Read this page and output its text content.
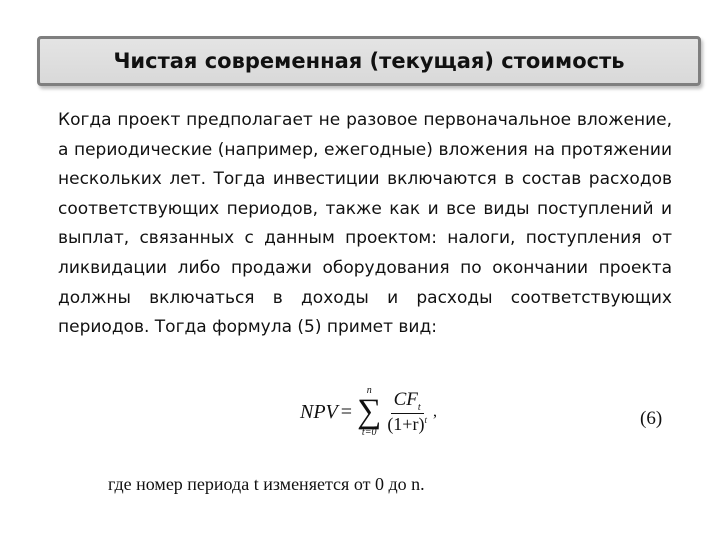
Чистая современная (текущая) стоимость

Когда проект предполагает не разовое первоначальное вложение, а периодические (например, ежегодные) вложения на протяжении нескольких лет. Тогда инвестиции включаются в состав расходов соответствующих периодов, также как и все виды поступлений и выплат, связанных с данным проектом: налоги, поступления от ликвидации либо продажи оборудования по окончании проекта должны включаться в доходы и расходы соответствующих периодов. Тогда формула (5) примет вид:

NPV =
n
∑
$t=0 \frac{CF_t}{(1+r)^t}$ ,	(6)
где номер периода t изменяется от 0 до n.
